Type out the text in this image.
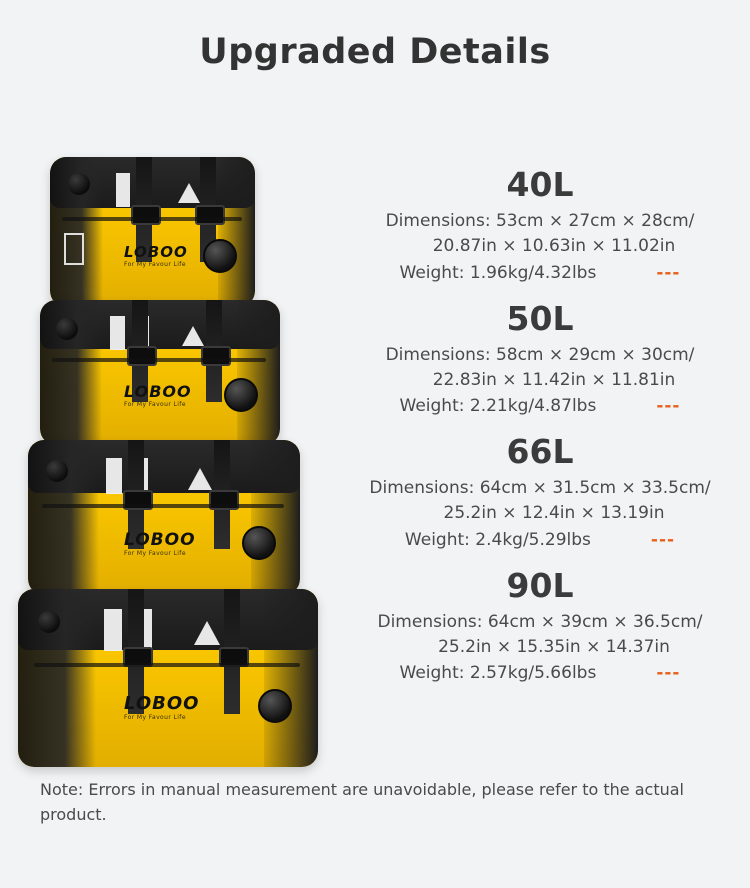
Upgraded Details
LOBOO
For My Favour Life
LOBOO
For My Favour Life
LOBOO
For My Favour Life
LOBOO
For My Favour Life
40L
Dimensions: 53cm × 27cm × 28cm/
20.87in × 10.63in × 11.02in
Weight: 1.96kg/4.32lbs	---
50L
Dimensions: 58cm × 29cm × 30cm/
22.83in × 11.42in × 11.81in
Weight: 2.21kg/4.87lbs	---
66L
Dimensions: 64cm × 31.5cm × 33.5cm/
25.2in × 12.4in × 13.19in
Weight: 2.4kg/5.29lbs	---
90L
Dimensions: 64cm × 39cm × 36.5cm/
25.2in × 15.35in × 14.37in
Weight: 2.57kg/5.66lbs	---
Note: Errors in manual measurement are unavoidable, please refer to the actual product.
